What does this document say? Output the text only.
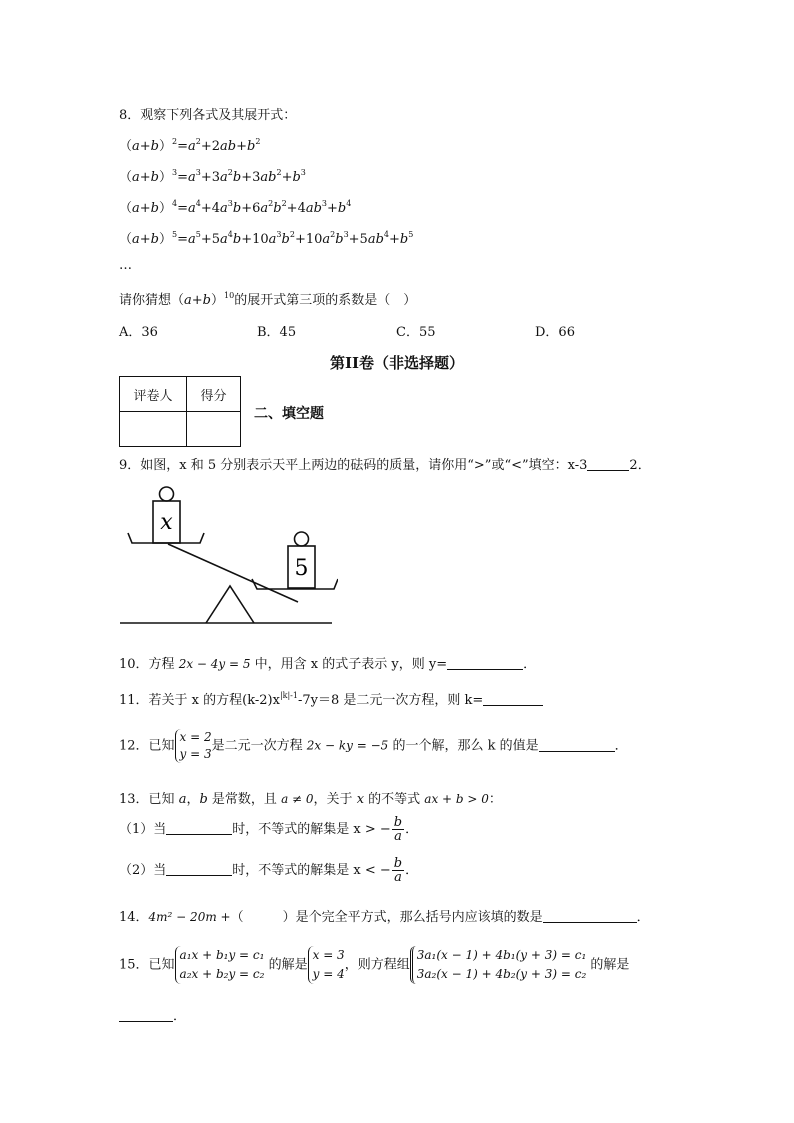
8．观察下列各式及其展开式：
$(a+b)^2=a^2+2ab+b^2$
$(a+b)^3=a^3+3a^2b+3ab^2+b^3$
$(a+b)^4=a^4+4a^3b+6a^2b^2+4ab^3+b^4$
$(a+b)^5=a^5+5a^4b+10a^3b^2+10a^2b^3+5ab^4+b^5$
…
请你猜想$(a+b)^{10}$的展开式第三项的系数是（　）
A．36	B．45	C．55	D．66
第II卷（非选择题）
评卷人	得分

二、填空题
9．如图，x 和 5 分别表示天平上两边的砝码的质量，请你用“>”或“<”填空：x-3	2．
x
5
10．方程 2x − 4y = 5 中，用含 x 的式子表示 y，则 y=	．
11．若关于 x 的方程$(k-2)x^{|k|-1}-7y=8$ 是二元一次方程，则 k=
12．已知
x = 2
y = 3
是二元一次方程 2x − ky = −5 的一个解，那么 k 的值是	．
13．已知 a，b 是常数，且 a ≠ 0，关于 x 的不等式 ax + b > 0：
（1）当	时，不等式的解集是 x > − $\frac{b}{a}$ ．
（2）当	时，不等式的解集是 x < − $\frac{b}{a}$ ．
14．4m² − 20m +（　　　）是个完全平方式，那么括号内应该填的数是	．
15．已知
a₁x + b₁y = c₁
a₂x + b₂y = c₂
的解是
x = 3
y = 4
，则方程组
3a₁(x − 1) + 4b₁(y + 3) = c₁
3a₂(x − 1) + 4b₂(y + 3) = c₂
的解是
．
